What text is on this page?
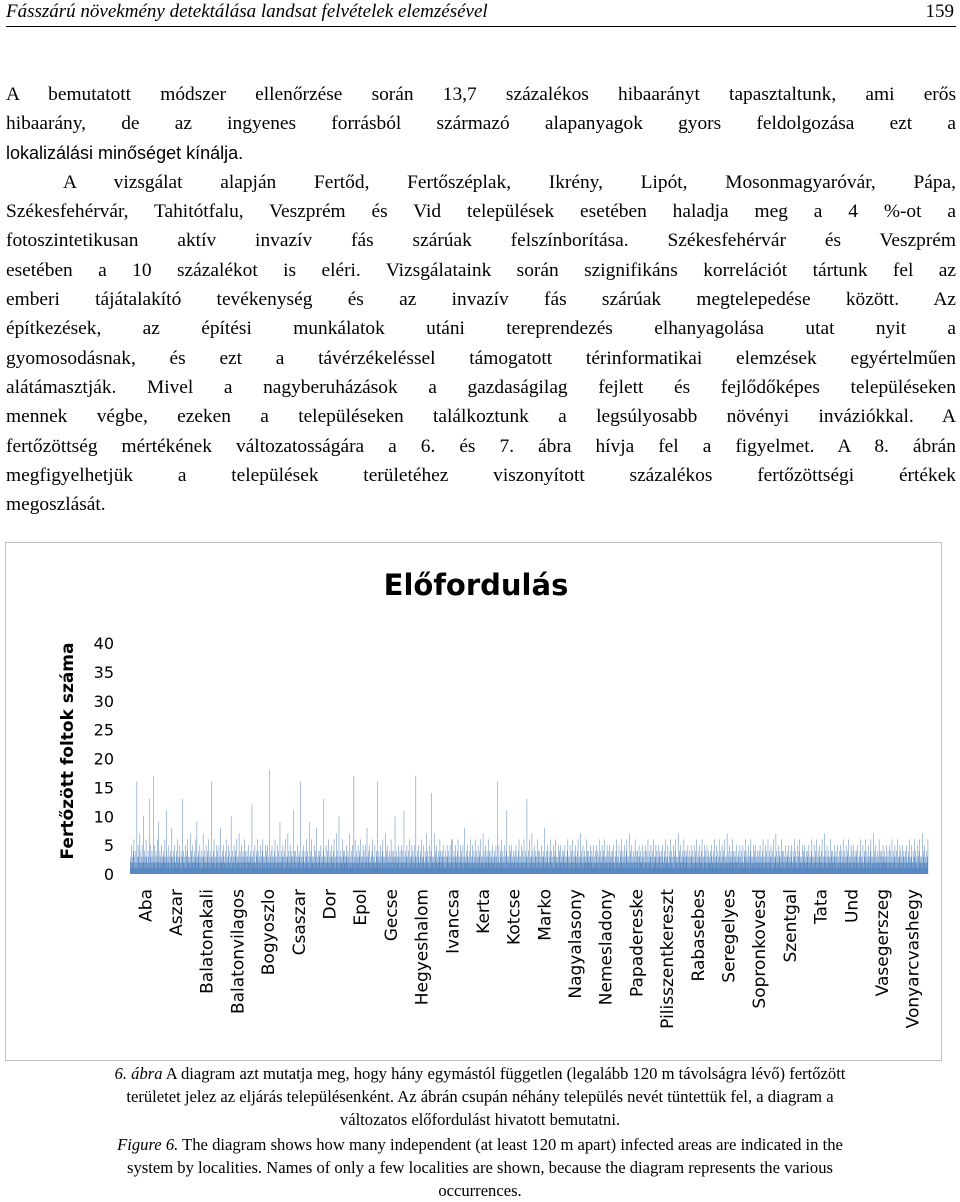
Fásszárú növekmény detektálása landsat felvételek elemzésével	159
A bemutatott módszer ellenőrzése során 13,7 százalékos hibaarányt tapasztaltunk, ami erős
hibaarány, de az ingyenes forrásból származó alapanyagok gyors feldolgozása ezt a
lokalizálási minőséget kínálja.
A vizsgálat alapján Fertőd, Fertőszéplak, Ikrény, Lipót, Mosonmagyaróvár, Pápa,
Székesfehérvár, Tahitótfalu, Veszprém és Vid települések esetében haladja meg a 4 %-ot a
fotoszintetikusan aktív invazív fás szárúak felszínborítása. Székesfehérvár és Veszprém
esetében a 10 százalékot is eléri. Vizsgálataink során szignifikáns korrelációt tártunk fel az
emberi tájátalakító tevékenység és az invazív fás szárúak megtelepedése között. Az
építkezések, az építési munkálatok utáni tereprendezés elhanyagolása utat nyit a
gyomosodásnak, és ezt a távérzékeléssel támogatott térinformatikai elemzések egyértelműen
alátámasztják. Mivel a nagyberuházások a gazdaságilag fejlett és fejlődőképes településeken
mennek végbe, ezeken a településeken találkoztunk a legsúlyosabb növényi inváziókkal. A
fertőzöttség mértékének változatosságára a 6. és 7. ábra hívja fel a figyelmet. A 8. ábrán
megfigyelhetjük a települések területéhez viszonyított százalékos fertőzöttségi értékek
megoszlását.
Előfordulás
Fertőzött foltok száma
0
5
10
15
20
25
30
35
40
Aba Aszar Balatonakali Balatonvilagos Bogyoszlo Csaszar Dor Epol Gecse Hegyeshalom Ivancsa Kerta Kotcse Marko Nagyalasony Nemesladony Papadereske Pilisszentkereszt Rabasebes Seregelyes Sopronkovesd Szentgal Tata Und Vasegerszeg Vonyarcvashegy

6. ábra A diagram azt mutatja meg, hogy hány egymástól független (legalább 120 m távolságra lévő) fertőzött
területet jelez az eljárás településenként. Az ábrán csupán néhány település nevét tüntettük fel, a diagram a
változatos előfordulást hivatott bemutatni.

Figure 6. The diagram shows how many independent (at least 120 m apart) infected areas are indicated in the
system by localities. Names of only a few localities are shown, because the diagram represents the various
occurrences.
